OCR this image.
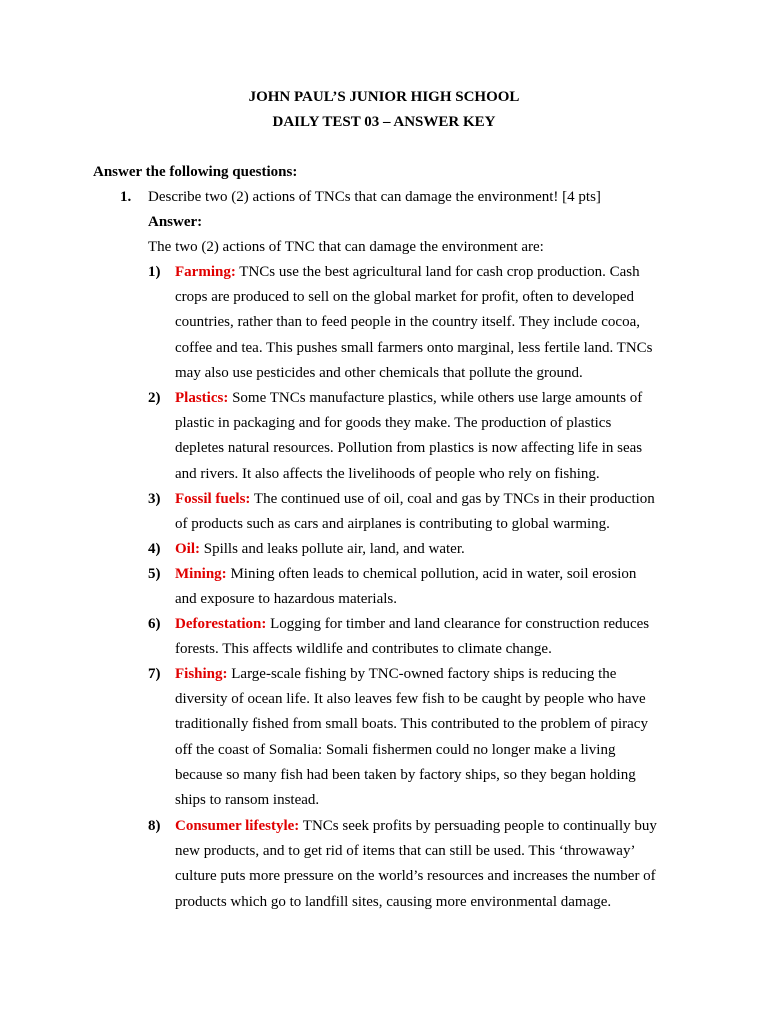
JOHN PAUL’S JUNIOR HIGH SCHOOL
DAILY TEST 03 – ANSWER KEY
Answer the following questions:
1. Describe two (2) actions of TNCs that can damage the environment! [4 pts]
Answer:
The two (2) actions of TNC that can damage the environment are:
1) Farming: TNCs use the best agricultural land for cash crop production. Cash
crops are produced to sell on the global market for profit, often to developed
countries, rather than to feed people in the country itself. They include cocoa,
coffee and tea. This pushes small farmers onto marginal, less fertile land. TNCs
may also use pesticides and other chemicals that pollute the ground.
2) Plastics: Some TNCs manufacture plastics, while others use large amounts of
plastic in packaging and for goods they make. The production of plastics
depletes natural resources. Pollution from plastics is now affecting life in seas
and rivers. It also affects the livelihoods of people who rely on fishing.
3) Fossil fuels: The continued use of oil, coal and gas by TNCs in their production
of products such as cars and airplanes is contributing to global warming.
4) Oil: Spills and leaks pollute air, land, and water.
5) Mining: Mining often leads to chemical pollution, acid in water, soil erosion
and exposure to hazardous materials.
6) Deforestation: Logging for timber and land clearance for construction reduces
forests. This affects wildlife and contributes to climate change.
7) Fishing: Large-scale fishing by TNC-owned factory ships is reducing the
diversity of ocean life. It also leaves few fish to be caught by people who have
traditionally fished from small boats. This contributed to the problem of piracy
off the coast of Somalia: Somali fishermen could no longer make a living
because so many fish had been taken by factory ships, so they began holding
ships to ransom instead.
8) Consumer lifestyle: TNCs seek profits by persuading people to continually buy
new products, and to get rid of items that can still be used. This ‘throwaway’
culture puts more pressure on the world’s resources and increases the number of
products which go to landfill sites, causing more environmental damage.
